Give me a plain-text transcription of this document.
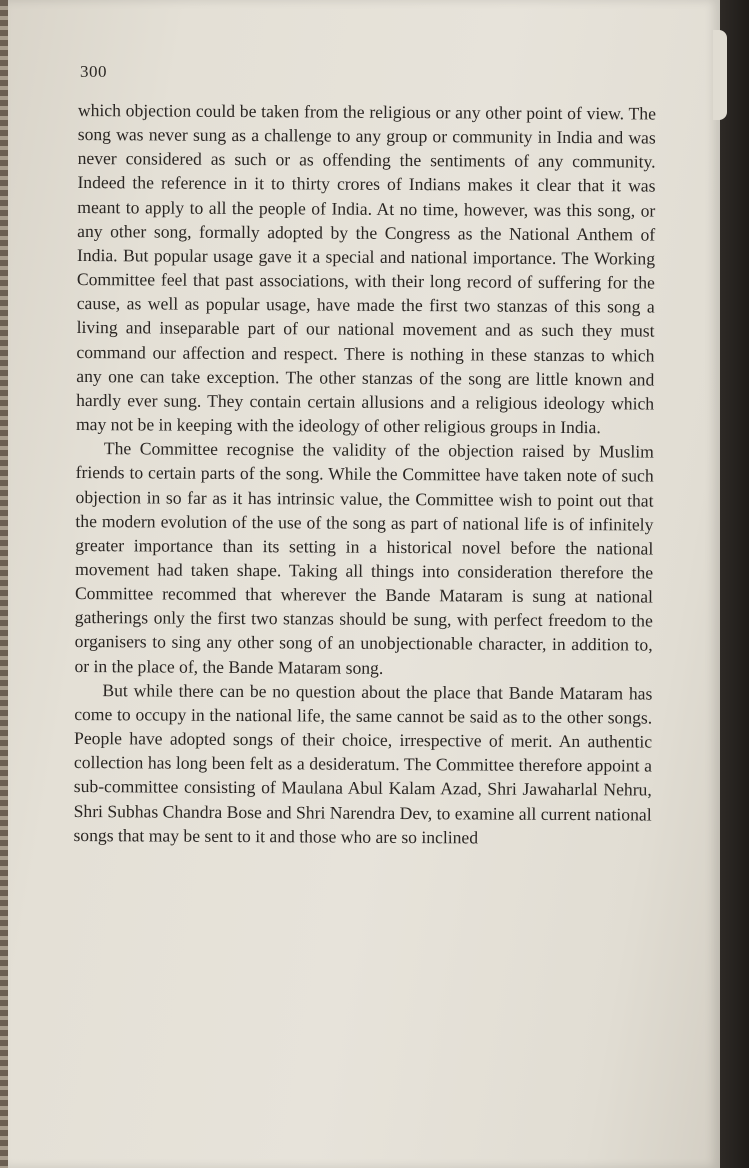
300

which objection could be taken from the religious or any other point of view. The song was never sung as a challenge to any group or community in India and was never considered as such or as offending the sentiments of any community. Indeed the reference in it to thirty crores of Indians makes it clear that it was meant to apply to all the people of India. At no time, however, was this song, or any other song, formally adopted by the Congress as the National Anthem of India. But popular usage gave it a special and national importance. The Working Committee feel that past associations, with their long record of suffering for the cause, as well as popular usage, have made the first two stanzas of this song a living and inseparable part of our national movement and as such they must command our affection and respect. There is nothing in these stanzas to which any one can take exception. The other stanzas of the song are little known and hardly ever sung. They contain certain allusions and a religious ideology which may not be in keeping with the ideology of other religious groups in India.

The Committee recognise the validity of the objection raised by Muslim friends to certain parts of the song. While the Committee have taken note of such objection in so far as it has intrinsic value, the Committee wish to point out that the modern evolution of the use of the song as part of national life is of infinitely greater importance than its setting in a historical novel before the national movement had taken shape. Taking all things into consideration therefore the Committee recommed that wherever the Bande Mataram is sung at national gatherings only the first two stanzas should be sung, with perfect freedom to the organisers to sing any other song of an unobjectionable character, in addition to, or in the place of, the Bande Mataram song.

But while there can be no question about the place that Bande Mataram has come to occupy in the national life, the same cannot be said as to the other songs. People have adopted songs of their choice, irrespective of merit. An authentic collection has long been felt as a desideratum. The Committee therefore appoint a sub-committee consisting of Maulana Abul Kalam Azad, Shri Jawaharlal Nehru, Shri Subhas Chandra Bose and Shri Narendra Dev, to examine all current national songs that may be sent to it and those who are so inclined
